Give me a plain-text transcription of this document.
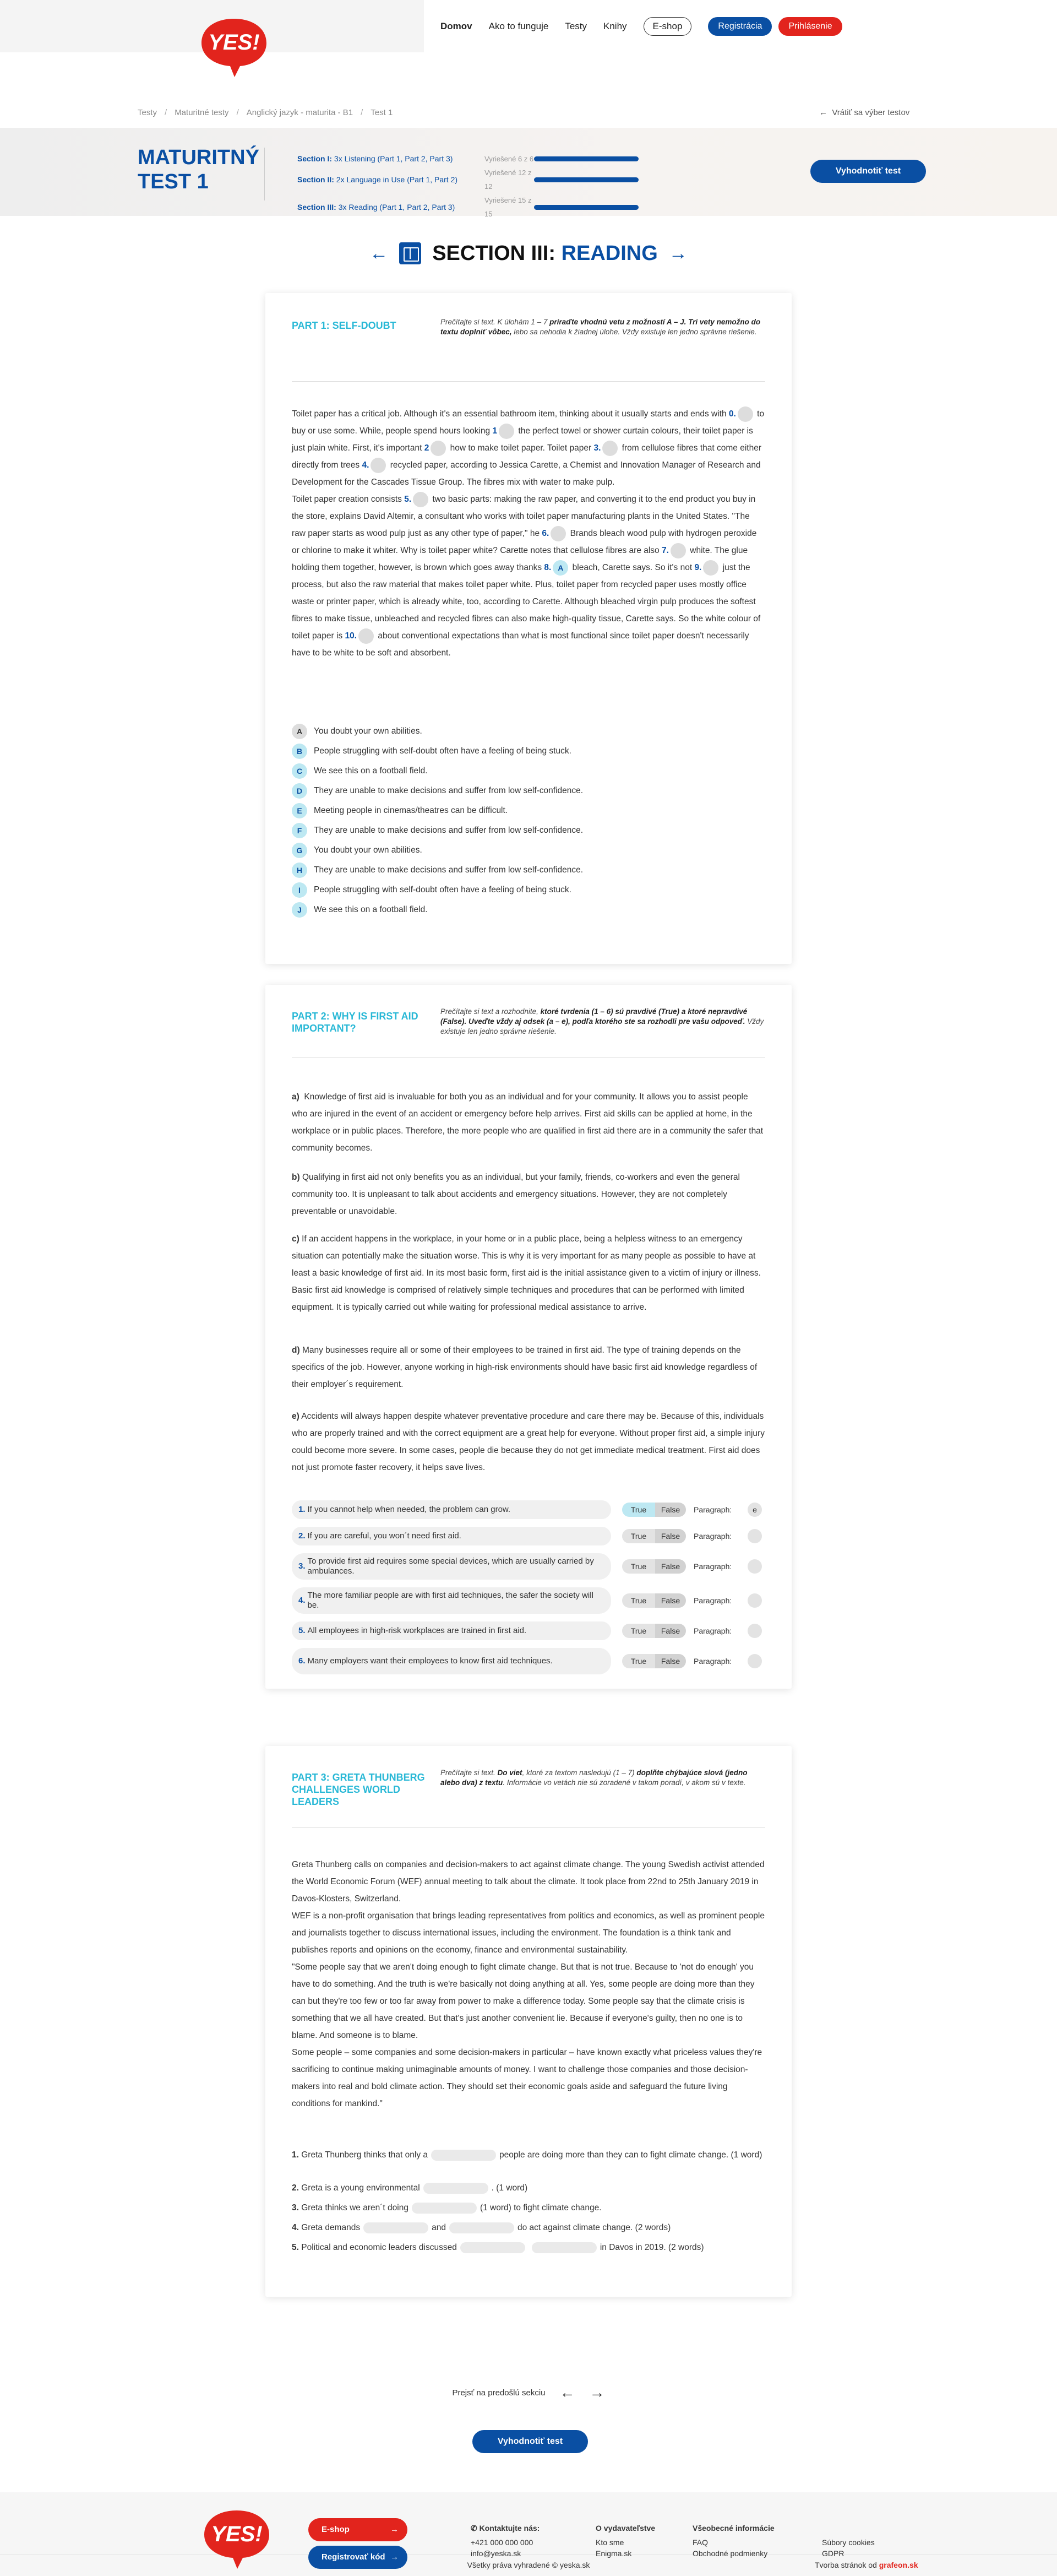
YES!
Domov Ako to funguje Testy Knihy	E-shop	Registrácia	Prihlásenie
Testy / Maturitné testy / Anglický jazyk - maturita - B1 / Test 1	←  Vrátiť sa výber testov
MATURITNÝ
TEST 1
Section I: 3x Listening (Part 1, Part 2, Part 3)	Vyriešené 6 z 6
Section II: 2x Language in Use (Part 1, Part 2)
Vyriešené 12 z 12
Section III: 3x Reading (Part 1, Part 2, Part 3)
Vyriešené 15 z 15
Vyhodnotiť test
← SECTION III: READING →
PART 1: SELF-DOUBT	Prečítajte si text. K úlohám 1 – 7 priraďte vhodnú vetu z možností A – J. Tri vety nemožno do textu doplniť vôbec, lebo sa nehodia k žiadnej úlohe. Vždy existuje len jedno správne riešenie.
Toilet paper has a critical job. Although it's an essential bathroom item, thinking about it usually starts and ends with 0. to buy or use some. While, people spend hours looking 1 the perfect towel or shower curtain colours, their toilet paper is just plain white. First, it's important 2 how to make toilet paper. Toilet paper 3. from cellulose fibres that come either directly from trees 4. recycled paper, according to Jessica Carette, a Chemist and Innovation Manager of Research and Development for the Cascades Tissue Group. The fibres mix with water to make pulp.
Toilet paper creation consists 5. two basic parts: making the raw paper, and converting it to the end product you buy in the store, explains David Altemir, a consultant who works with toilet paper manufacturing plants in the United States. "The raw paper starts as wood pulp just as any other type of paper," he 6. Brands bleach wood pulp with hydrogen peroxide or chlorine to make it whiter. Why is toilet paper white? Carette notes that cellulose fibres are also 7. white. The glue holding them together, however, is brown which goes away thanks 8. A bleach, Carette says. So it's not 9. just the process, but also the raw material that makes toilet paper white. Plus, toilet paper from recycled paper uses mostly office waste or printer paper, which is already white, too, according to Carette. Although bleached virgin pulp produces the softest fibres to make tissue, unbleached and recycled fibres can also make high-quality tissue, Carette says. So the white colour of toilet paper is 10. about conventional expectations than what is most functional since toilet paper doesn't necessarily have to be white to be soft and absorbent.
A	You doubt your own abilities.
B	People struggling with self-doubt often have a feeling of being stuck.
C	We see this on a football field.
D	They are unable to make decisions and suffer from low self-confidence.
E	Meeting people in cinemas/theatres can be difficult.
F	They are unable to make decisions and suffer from low self-confidence.
G	You doubt your own abilities.
H	They are unable to make decisions and suffer from low self-confidence.
I	People struggling with self-doubt often have a feeling of being stuck.
J	We see this on a football field.
PART 2: WHY IS FIRST AID IMPORTANT?
Prečítajte si text a rozhodnite, ktoré tvrdenia (1 – 6) sú pravdivé (True) a ktoré nepravdivé (False). Uveďte vždy aj odsek (a – e), podľa ktorého ste sa rozhodli pre vašu odpoveď. Vždy existuje len jedno správne riešenie.
a) Knowledge of first aid is invaluable for both you as an individual and for your community. It allows you to assist people who are injured in the event of an accident or emergency before help arrives. First aid skills can be applied at home, in the workplace or in public places. Therefore, the more people who are qualified in first aid there are in a community the safer that community becomes.
b) Qualifying in first aid not only benefits you as an individual, but your family, friends, co-workers and even the general community too. It is unpleasant to talk about accidents and emergency situations. However, they are not completely preventable or unavoidable.
c) If an accident happens in the workplace, in your home or in a public place, being a helpless witness to an emergency situation can potentially make the situation worse. This is why it is very important for as many people as possible to have at least a basic knowledge of first aid. In its most basic form, first aid is the initial assistance given to a victim of injury or illness. Basic first aid knowledge is comprised of relatively simple techniques and procedures that can be performed with limited equipment. It is typically carried out while waiting for professional medical assistance to arrive.
d) Many businesses require all or some of their employees to be trained in first aid. The type of training depends on the specifics of the job. However, anyone working in high-risk environments should have basic first aid knowledge regardless of their employer´s requirement.
e) Accidents will always happen despite whatever preventative procedure and care there may be. Because of this, individuals who are properly trained and with the correct equipment are a great help for everyone. Without proper first aid, a simple injury could become more severe. In some cases, people die because they do not get immediate medical treatment. First aid does not just promote faster recovery, it helps save lives.
1. If you cannot help when needed, the problem can grow.	True	False	Paragraph:	e
2. If you are careful, you won´t need first aid.	True	False	Paragraph:
3.
To provide first aid requires some special devices, which are usually carried by ambulances.	True	False	Paragraph:
4.
The more familiar people are with first aid techniques, the safer the society will be.	True	False	Paragraph:
5. All employees in high-risk workplaces are trained in first aid.	True	False	Paragraph:
6. Many employers want their employees to know first aid techniques.	True	False	Paragraph:
PART 3: GRETA THUNBERG CHALLENGES WORLD LEADERS
Prečítajte si text. Do viet, ktoré za textom nasledujú (1 – 7) doplňte chýbajúce slová (jedno alebo dva) z textu. Informácie vo vetách nie sú zoradené v takom poradí, v akom sú v texte.
Greta Thunberg calls on companies and decision-makers to act against climate change. The young Swedish activist attended the World Economic Forum (WEF) annual meeting to talk about the climate. It took place from 22nd to 25th January 2019 in Davos-Klosters, Switzerland.
WEF is a non-profit organisation that brings leading representatives from politics and economics, as well as prominent people and journalists together to discuss international issues, including the environment. The foundation is a think tank and publishes reports and opinions on the economy, finance and environmental sustainability.
"Some people say that we aren't doing enough to fight climate change. But that is not true. Because to 'not do enough' you have to do something. And the truth is we're basically not doing anything at all. Yes, some people are doing more than they can but they're too few or too far away from power to make a difference today. Some people say that the climate crisis is something that we all have created. But that's just another convenient lie. Because if everyone's guilty, then no one is to blame. And someone is to blame.
Some people – some companies and some decision-makers in particular – have known exactly what priceless values they're sacrificing to continue making unimaginable amounts of money. I want to challenge those companies and those decision-makers into real and bold climate action. They should set their economic goals aside and safeguard the future living conditions for mankind."
1. Greta Thunberg thinks that only a	people are doing more than they can to fight climate change. (1 word)
2. Greta is a young environmental	. (1 word)
3. Greta thinks we aren´t doing	(1 word) to fight climate change.
4. Greta demands	and	do act against climate change. (2 words)
5. Political and economic leaders discussed	in Davos in 2019. (2 words)
Prejsť na predošlú sekciu ← →
Vyhodnotiť test
YES!	E-shop	→
Registrovať kód →
✆ Kontaktujte nás:
+421 000 000 000
info@yeska.sk
O vydavateľstve
Kto sme
Enigma.sk
Všeobecné informácie
FAQ
Obchodné podmienky

Súbory cookies
GDPR
Všetky práva vyhradené © yeska.sk	Tvorba stránok od grafeon.sk
